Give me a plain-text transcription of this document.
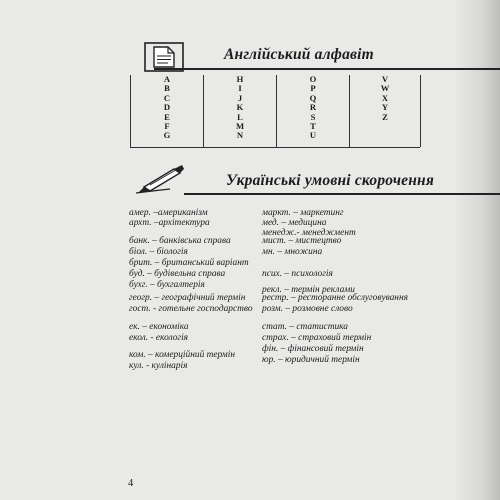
Англійський алфавіт
A
B
C
D
E
F
G
H
I
J
K
L
M
N
O
P
Q
R
S
T
U
V
W
X
Y
Z
Українські умовні скорочення
амер. –американізм
архт. –архітектура
банк. – банківська справа
біол. – біологія
брит. – британський варіант
буд. – будівельна справа
бухг. – бухгалтерія
геогр. – географічний термін
гост. - готельне господарство
ек. – економіка
екол. - екологія
ком. – комерційний термін
кул. - кулінарія
маркт. – маркетинг
мед. – медицина
менедж.- менеджмент
мист. – мистецтво
мн. – множина
псих. – психологія
рекл. – термін реклами
рестр. – ресторанне обслуговування
розм. – розмовне слово
стат. – статистика
страх. – страховий термін
фін. – фінансовий термін
юр. – юридичний термін
4
